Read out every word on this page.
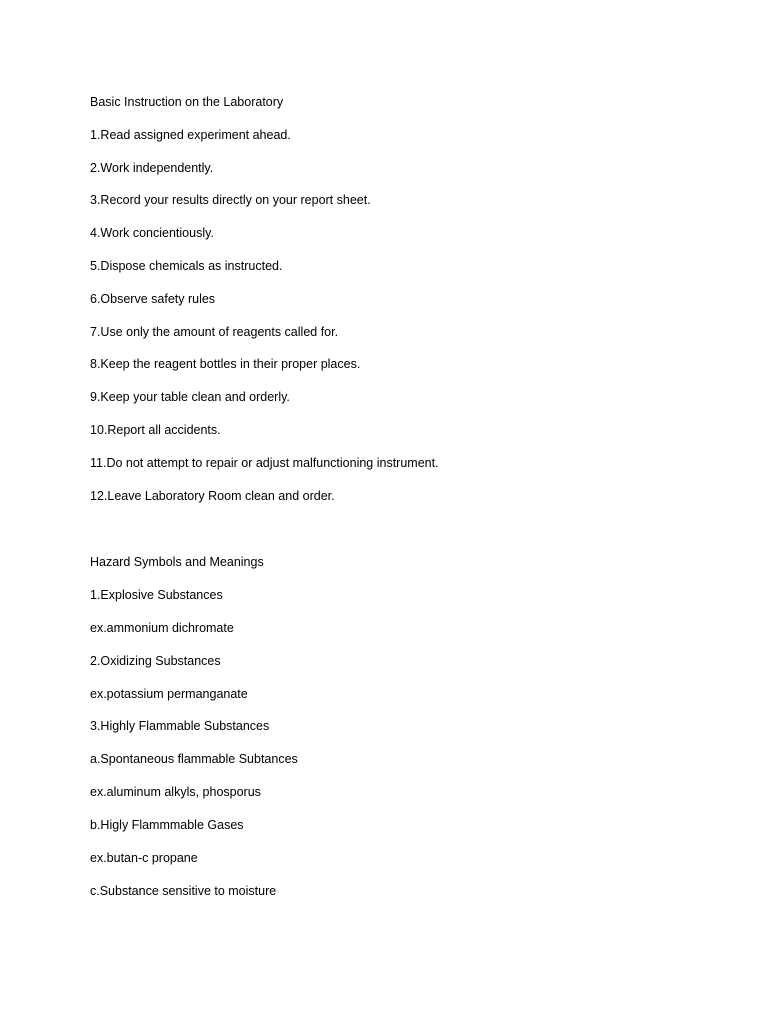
Basic Instruction on the Laboratory
1.Read assigned experiment ahead.
2.Work independently.
3.Record your results directly on your report sheet.
4.Work concientiously.
5.Dispose chemicals as instructed.
6.Observe safety rules
7.Use only the amount of reagents called for.
8.Keep the reagent bottles in their proper places.
9.Keep your table clean and orderly.
10.Report all accidents.
11.Do not attempt to repair or adjust malfunctioning instrument.
12.Leave Laboratory Room clean and order.
Hazard Symbols and Meanings
1.Explosive Substances
ex.ammonium dichromate
2.Oxidizing Substances
ex.potassium permanganate
3.Highly Flammable Substances
a.Spontaneous flammable Subtances
ex.aluminum alkyls, phosporus
b.Higly Flammmable Gases
ex.butan-c propane
c.Substance sensitive to moisture
